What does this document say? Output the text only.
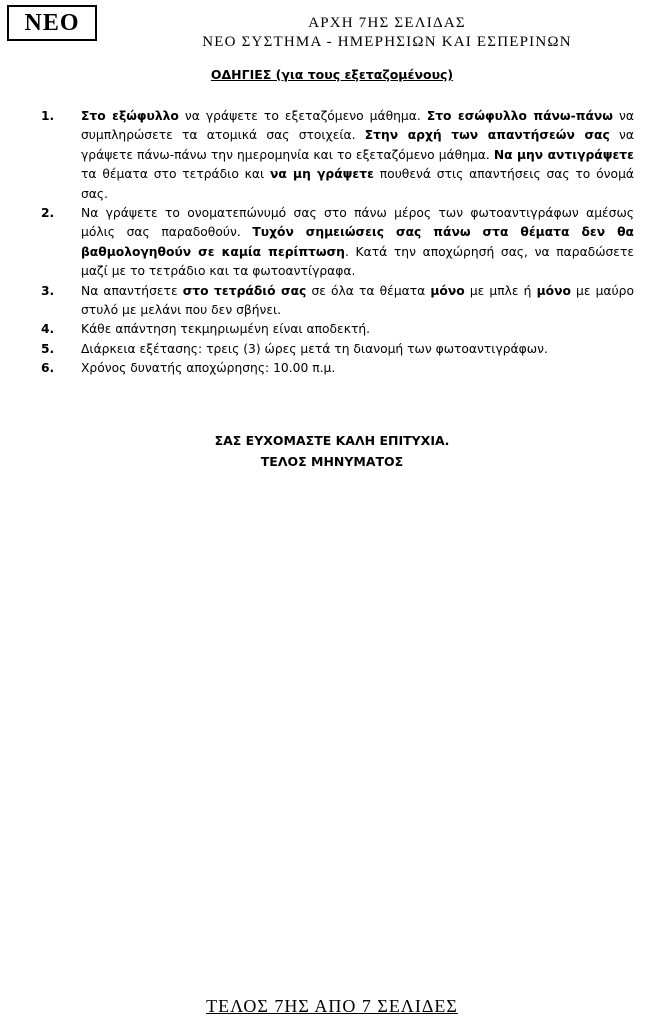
ΝΕΟ	ΑΡΧΗ 7ΗΣ ΣΕΛΙΔΑΣ
ΝΕΟ ΣΥΣΤΗΜΑ - ΗΜΕΡΗΣΙΩΝ ΚΑΙ ΕΣΠΕΡΙΝΩΝ
ΟΔΗΓΙΕΣ (για τους εξεταζομένους)
1. Στο εξώφυλλο να γράψετε το εξεταζόμενο μάθημα. Στο εσώφυλλο πάνω-πάνω να συμπληρώσετε τα ατομικά σας στοιχεία. Στην αρχή των απαντήσεών σας να γράψετε πάνω-πάνω την ημερομηνία και το εξεταζόμενο μάθημα. Να μην αντιγράψετε τα θέματα στο τετράδιο και να μη γράψετε πουθενά στις απαντήσεις σας το όνομά σας.
2. Να γράψετε το ονοματεπώνυμό σας στο πάνω μέρος των φωτοαντιγράφων αμέσως μόλις σας παραδοθούν. Τυχόν σημειώσεις σας πάνω στα θέματα δεν θα βαθμολογηθούν σε καμία περίπτωση. Κατά την αποχώρησή σας, να παραδώσετε μαζί με το τετράδιο και τα φωτοαντίγραφα.
3. Να απαντήσετε στο τετράδιό σας σε όλα τα θέματα μόνο με μπλε ή μόνο με μαύρο στυλό με μελάνι που δεν σβήνει.
4. Κάθε απάντηση τεκμηριωμένη είναι αποδεκτή.
5. Διάρκεια εξέτασης: τρεις (3) ώρες μετά τη διανομή των φωτοαντιγράφων.
6. Χρόνος δυνατής αποχώρησης: 10.00 π.μ.
ΣΑΣ ΕΥΧΟΜΑΣΤΕ ΚΑΛΗ ΕΠΙΤΥΧΙΑ.
ΤΕΛΟΣ ΜΗΝΥΜΑΤΟΣ
ΤΕΛΟΣ 7ΗΣ ΑΠΟ 7 ΣΕΛΙΔΕΣ
